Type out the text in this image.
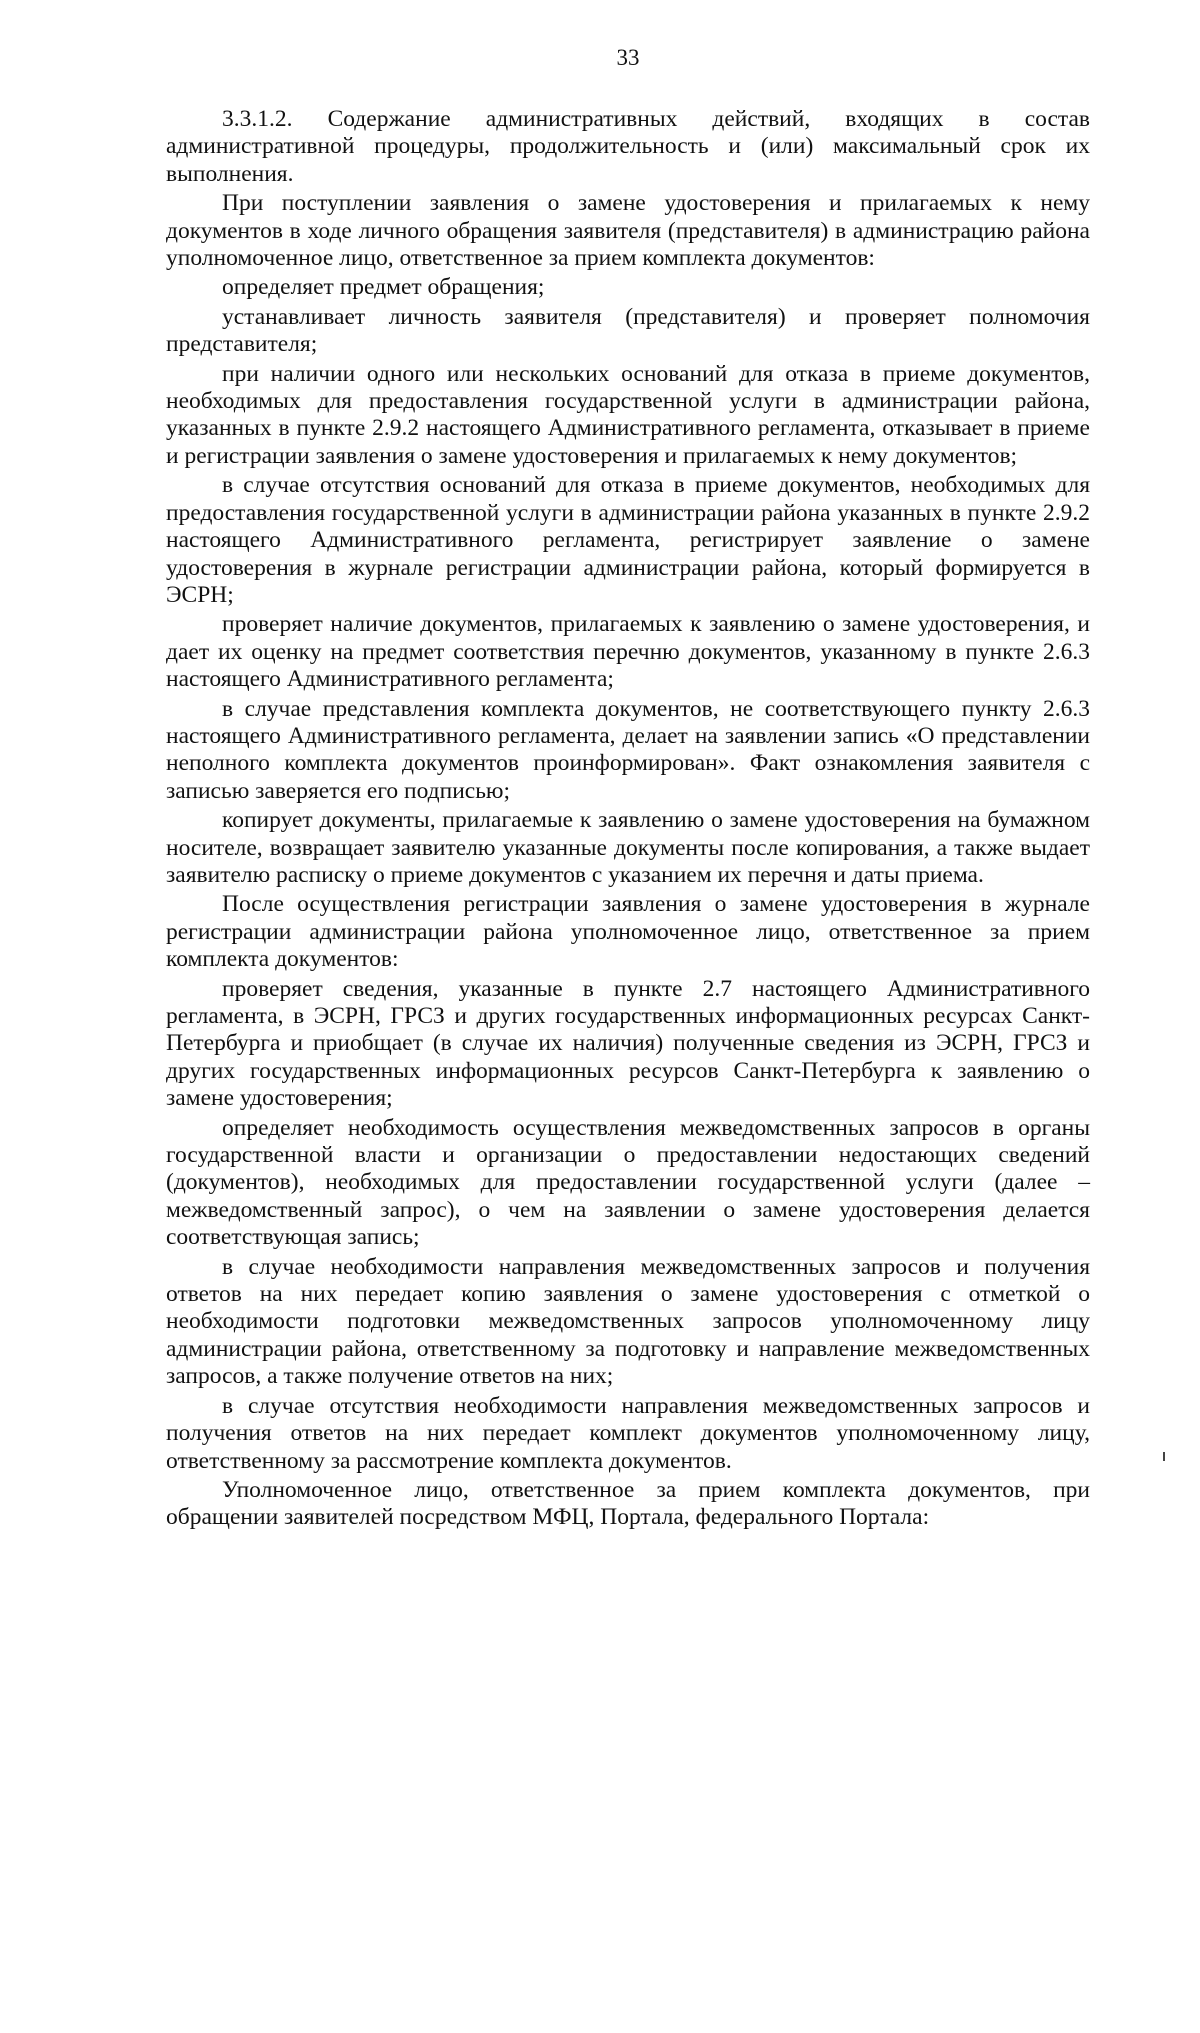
33

3.3.1.2. Содержание административных действий, входящих в состав административной процедуры, продолжительность и (или) максимальный срок их выполнения.

При поступлении заявления о замене удостоверения и прилагаемых к нему документов в ходе личного обращения заявителя (представителя) в администрацию района уполномоченное лицо, ответственное за прием комплекта документов:

определяет предмет обращения;

устанавливает личность заявителя (представителя) и проверяет полномочия представителя;

при наличии одного или нескольких оснований для отказа в приеме документов, необходимых для предоставления государственной услуги в администрации района, указанных в пункте 2.9.2 настоящего Административного регламента, отказывает в приеме и регистрации заявления о замене удостоверения и прилагаемых к нему документов;

в случае отсутствия оснований для отказа в приеме документов, необходимых для предоставления государственной услуги в администрации района указанных в пункте 2.9.2 настоящего Административного регламента, регистрирует заявление о замене удостоверения в журнале регистрации администрации района, который формируется в ЭСРН;

проверяет наличие документов, прилагаемых к заявлению о замене удостоверения, и дает их оценку на предмет соответствия перечню документов, указанному в пункте 2.6.3 настоящего Административного регламента;

в случае представления комплекта документов, не соответствующего пункту 2.6.3 настоящего Административного регламента, делает на заявлении запись «О представлении неполного комплекта документов проинформирован». Факт ознакомления заявителя с записью заверяется его подписью;

копирует документы, прилагаемые к заявлению о замене удостоверения на бумажном носителе, возвращает заявителю указанные документы после копирования, а также выдает заявителю расписку о приеме документов с указанием их перечня и даты приема.

После осуществления регистрации заявления о замене удостоверения в журнале регистрации администрации района уполномоченное лицо, ответственное за прием комплекта документов:

проверяет сведения, указанные в пункте 2.7 настоящего Административного регламента, в ЭСРН, ГРСЗ и других государственных информационных ресурсах Санкт-Петербурга и приобщает (в случае их наличия) полученные сведения из ЭСРН, ГРСЗ и других государственных информационных ресурсов Санкт-Петербурга к заявлению о замене удостоверения;

определяет необходимость осуществления межведомственных запросов в органы государственной власти и организации о предоставлении недостающих сведений (документов), необходимых для предоставлении государственной услуги (далее – межведомственный запрос), о чем на заявлении о замене удостоверения делается соответствующая запись;

в случае необходимости направления межведомственных запросов и получения ответов на них передает копию заявления о замене удостоверения с отметкой о необходимости подготовки межведомственных запросов уполномоченному лицу администрации района, ответственному за подготовку и направление межведомственных запросов, а также получение ответов на них;

в случае отсутствия необходимости направления межведомственных запросов и получения ответов на них передает комплект документов уполномоченному лицу, ответственному за рассмотрение комплекта документов.

Уполномоченное лицо, ответственное за прием комплекта документов, при обращении заявителей посредством МФЦ, Портала, федерального Портала:
